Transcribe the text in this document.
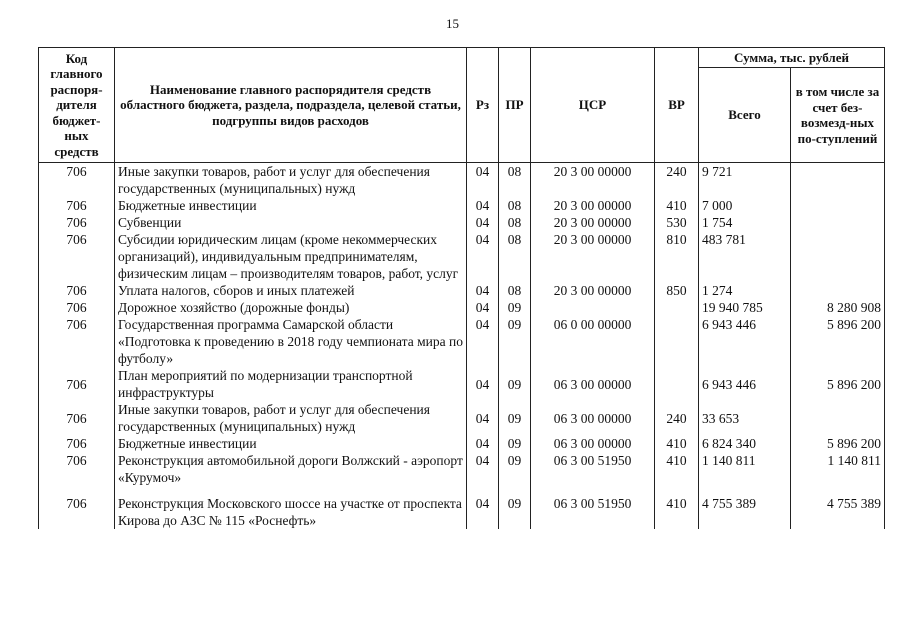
15
Код главного распоря-дителя бюджет-ных средств	Наименование главного распорядителя средств областного бюджета, раздела, подраздела, целевой статьи, подгруппы видов расходов	Рз	ПР	ЦСР	ВР	Сумма, тыс. рублей	
						Всего	в том числе за счет без-возмезд-ных по-ступлений
706	Иные закупки товаров, работ и услуг для обеспечения государственных (муниципальных) нужд	04	08	20 3 00 00000	240	9 721	
706	Бюджетные инвестиции	04	08	20 3 00 00000	410	7 000	
706	Субвенции	04	08	20 3 00 00000	530	1 754	
706	Субсидии юридическим лицам (кроме некоммерческих организаций), индивидуальным предпринимателям, физическим лицам – производителям товаров, работ, услуг	04	08	20 3 00 00000	810	483 781	
706	Уплата налогов, сборов и иных платежей	04	08	20 3 00 00000	850	1 274	
706	Дорожное хозяйство (дорожные фонды)	04	09			19 940 785	8 280 908
706	Государственная программа Самарской области «Подготовка к проведению в 2018 году чемпионата мира по футболу»	04	09	06 0 00 00000		6 943 446	5 896 200
706	План мероприятий по модернизации транспортной инфраструктуры	04	09	06 3 00 00000		6 943 446	5 896 200
706	Иные закупки товаров, работ и услуг для обеспечения государственных (муниципальных) нужд	04	09	06 3 00 00000	240	33 653	
706	Бюджетные инвестиции	04	09	06 3 00 00000	410	6 824 340	5 896 200
706	Реконструкция автомобильной дороги Волжский - аэропорт «Курумоч»	04	09	06 3 00 51950	410	1 140 811	1 140 811
706	Реконструкция Московского шоссе на участке от проспекта Кирова до АЗС № 115 «Роснефть»	04	09	06 3 00 51950	410	4 755 389	4 755 389
